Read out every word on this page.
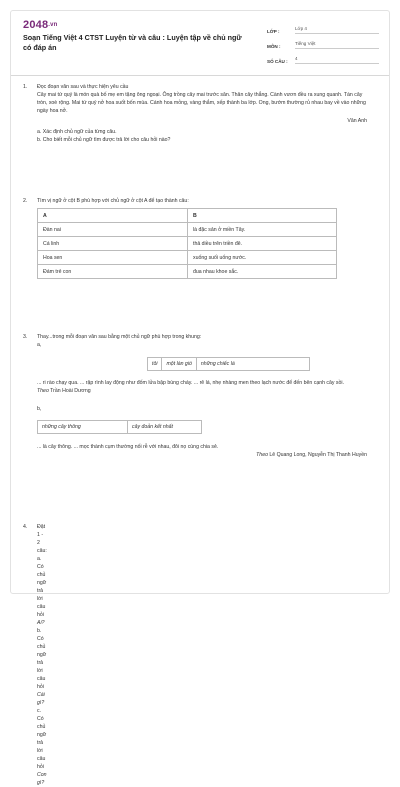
2048.vn
Soạn Tiếng Việt 4 CTST Luyện từ và câu : Luyện tập về chủ ngữ có đáp án
LỚP :
Lớp 4
MÔN :
Tiếng Việt
SỐ CÂU :
4
1. Đọc đoạn văn sau và thực hiện yêu cầu
Cây mai tứ quý là món quà bố mẹ em tặng ông ngoại. Ông trồng cây mai trước sân. Thân cây thẳng. Cành vươn đều ra xung quanh. Tán cây tròn, xoè rộng. Mai tứ quý nở hoa suốt bốn mùa. Cánh hoa mỏng, vàng thắm, xếp thành ba lớp. Ong, bướm thường rủ nhau bay về vào những ngày hoa nở.
Vân Anh
a. Xác định chủ ngữ của từng câu.
b. Cho biết mỗi chủ ngữ tìm được trả lời cho câu hỏi nào?
2. Tìm vị ngữ ở cột B phù hợp với chủ ngữ ở cột A để tạo thành câu:
A	B
Đàn nai	là đặc sản ở miền Tây.
Cá linh	thả diều trên triền đê.
Hoa sen	xuống suối uống nước.
Đám trẻ con	đua nhau khoe sắc.
3. Thay...trong mỗi đoạn văn sau bằng một chủ ngữ phù hợp trong khung:
a,
tôi	một làn gió	những chiếc lá
... ri rào chạy qua. ... rập rình lay động như đốm lửa bập bùng cháy. ... rê lá, nhẹ nhàng men theo lạch nước để đến bên cạnh cây sồi.
Theo Trần Hoài Dương
b,
những cây thông	cây đoản kết nhất
... là cây thông. ... mọc thành cụm thường nối rễ với nhau, đôi nọ cùng chia sẻ.
Theo Lê Quang Long, Nguyễn Thị Thanh Huyền
4. Đặt 1 - 2 câu:
a. Có chủ ngữ trả lời câu hỏi Ai?
b. Có chủ ngữ trả lời câu hỏi Cái gì?
c. Có chủ ngữ trả lời câu hỏi Con gì?
